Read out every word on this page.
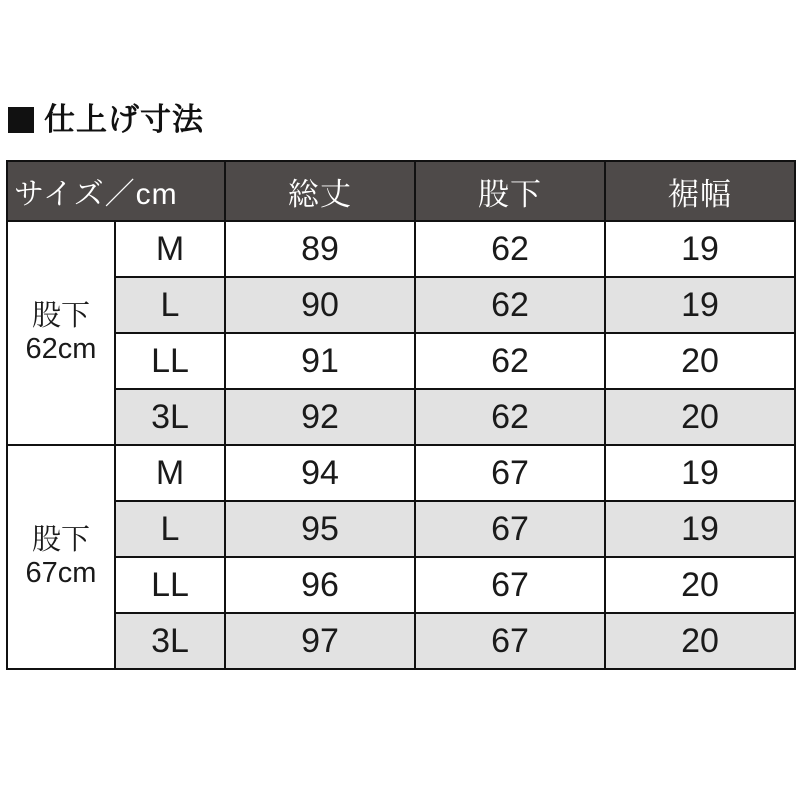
仕上げ寸法
サイズ／cm		総丈	股下	裾幅

股下
62cm	M	89	62	19
	L	90	62	19
	LL	91	62	20
	3L	92	62	20

股下
67cm	M	94	67	19
	L	95	67	19
	LL	96	67	20
	3L	97	67	20
